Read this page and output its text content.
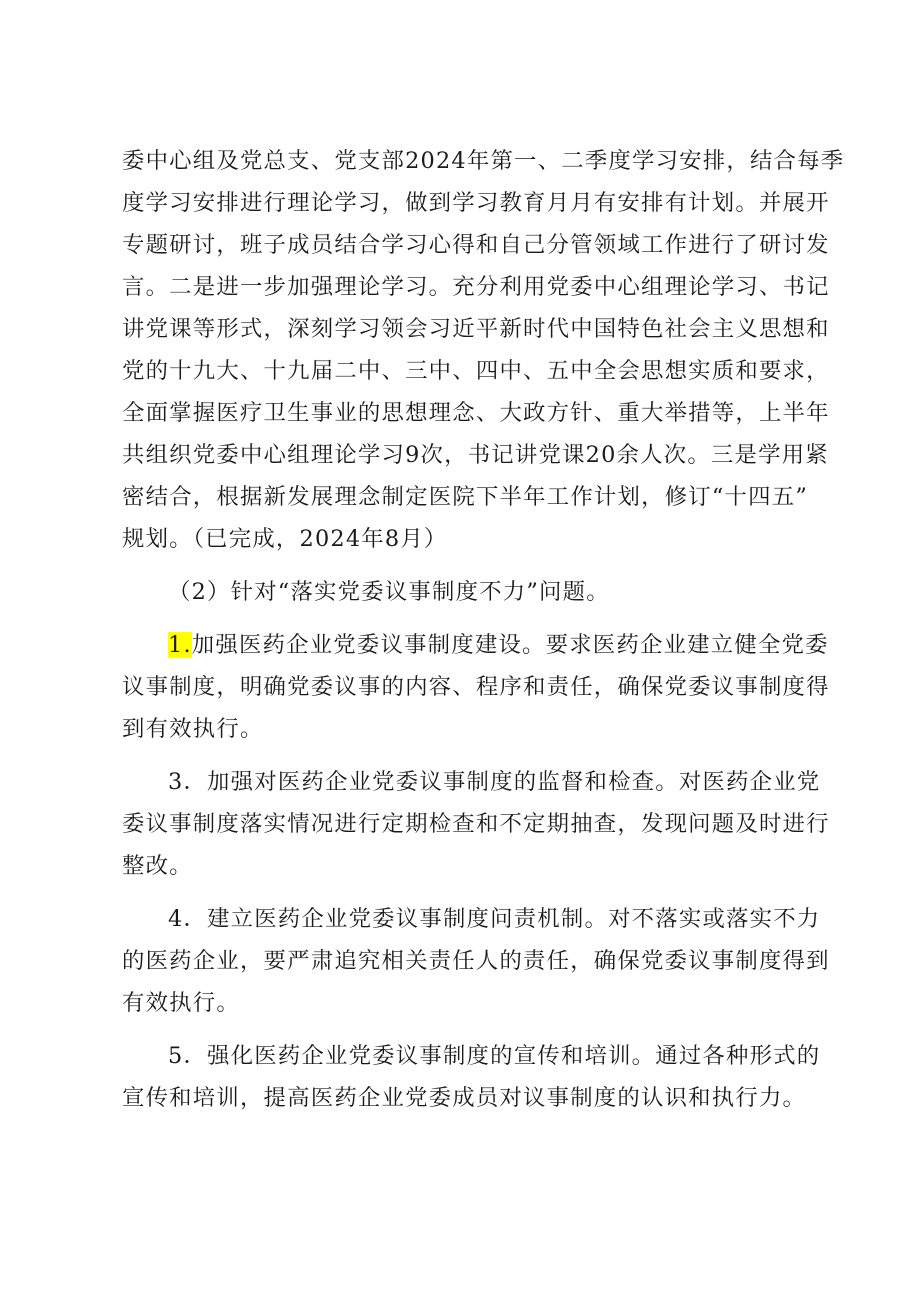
委中心组及党总支、党支部2024年第一、二季度学习安排，结合每季
度学习安排进行理论学习，做到学习教育月月有安排有计划。并展开
专题研讨，班子成员结合学习心得和自己分管领域工作进行了研讨发
言。二是进一步加强理论学习。充分利用党委中心组理论学习、书记
讲党课等形式，深刻学习领会习近平新时代中国特色社会主义思想和
党的十九大、十九届二中、三中、四中、五中全会思想实质和要求，
全面掌握医疗卫生事业的思想理念、大政方针、重大举措等，上半年
共组织党委中心组理论学习9次，书记讲党课20余人次。三是学用紧
密结合，根据新发展理念制定医院下半年工作计划，修订“十四五”
规划。（已完成，2024年8月）
（2）针对“落实党委议事制度不力”问题。
1.加强医药企业党委议事制度建设。要求医药企业建立健全党委
议事制度，明确党委议事的内容、程序和责任，确保党委议事制度得
到有效执行。
3．加强对医药企业党委议事制度的监督和检查。对医药企业党
委议事制度落实情况进行定期检查和不定期抽查，发现问题及时进行
整改。
4．建立医药企业党委议事制度问责机制。对不落实或落实不力
的医药企业，要严肃追究相关责任人的责任，确保党委议事制度得到
有效执行。
5．强化医药企业党委议事制度的宣传和培训。通过各种形式的
宣传和培训，提高医药企业党委成员对议事制度的认识和执行力。
